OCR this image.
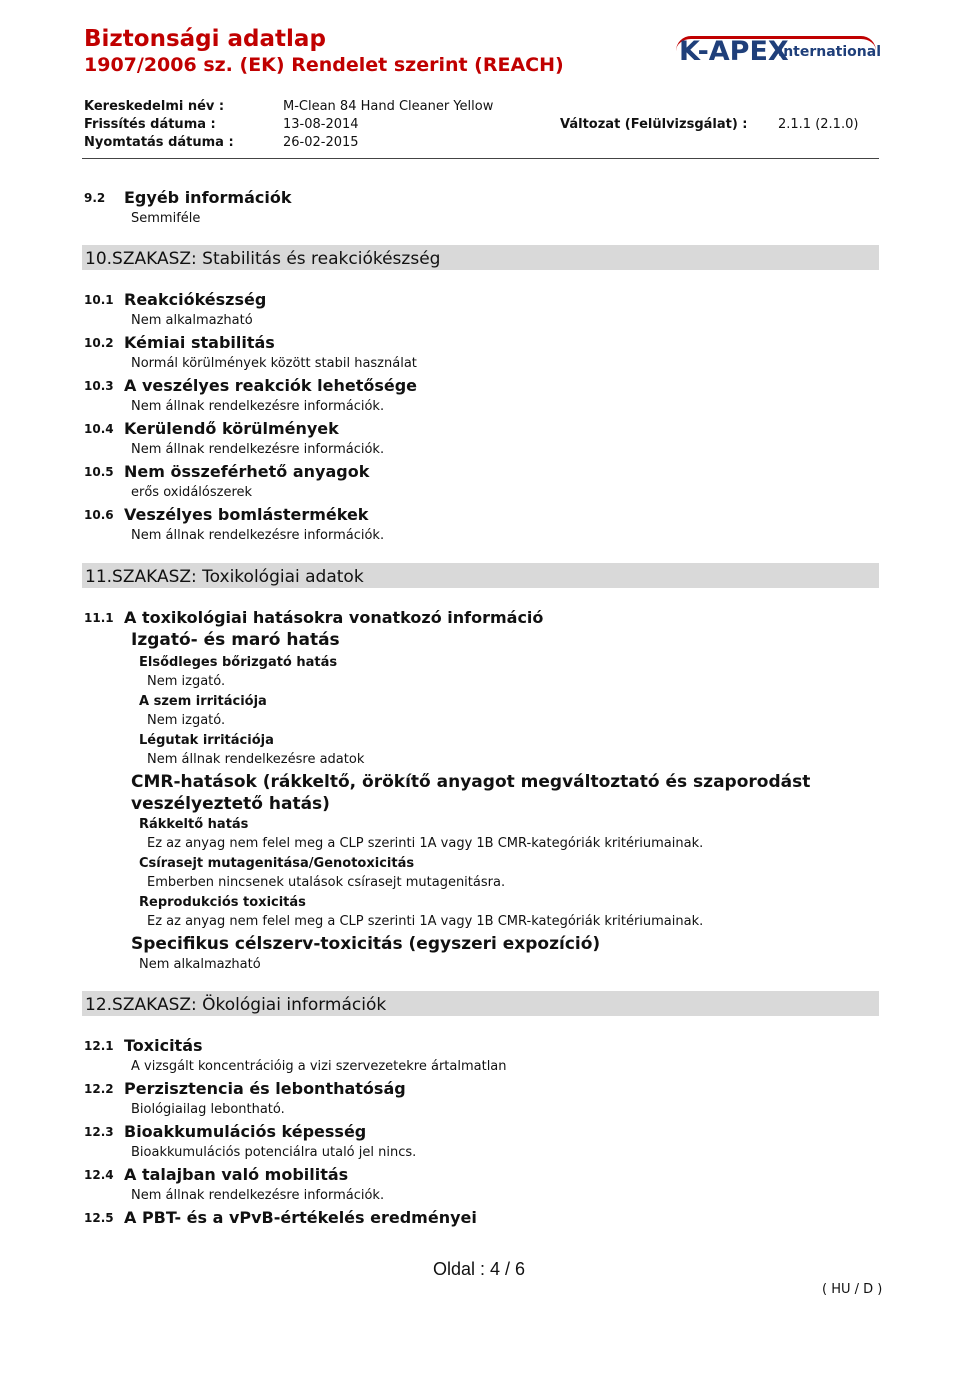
Biztonsági adatlap
1907/2006 sz. (EK) Rendelet szerint (REACH)	K-APEX
International
Kereskedelmi név :	M-Clean 84 Hand Cleaner Yellow
Frissítés dátuma :	13-08-2014	Változat (Felülvizsgálat) : 2.1.1 (2.1.0)
Nyomtatás dátuma :	26-02-2015
9.2 Egyéb információk
Semmiféle
10.SZAKASZ: Stabilitás és reakciókészség
10.1 Reakciókészség
Nem alkalmazható
10.2 Kémiai stabilitás
Normál körülmények között stabil használat
10.3 A veszélyes reakciók lehetősége
Nem állnak rendelkezésre információk.
10.4 Kerülendő körülmények
Nem állnak rendelkezésre információk.
10.5 Nem összeférhető anyagok
erős oxidálószerek
10.6 Veszélyes bomlástermékek
Nem állnak rendelkezésre információk.
11.SZAKASZ: Toxikológiai adatok
11.1 A toxikológiai hatásokra vonatkozó információ
Izgató- és maró hatás
Elsődleges bőrizgató hatás
Nem izgató.
A szem irritációja
Nem izgató.
Légutak irritációja
Nem állnak rendelkezésre adatok
CMR-hatások (rákkeltő, örökítő anyagot megváltoztató és szaporodást
veszélyeztető hatás)
Rákkeltő hatás
Ez az anyag nem felel meg a CLP szerinti 1A vagy 1B CMR-kategóriák kritériumainak.
Csírasejt mutagenitása/Genotoxicitás
Emberben nincsenek utalások csírasejt mutagenitásra.
Reprodukciós toxicitás
Ez az anyag nem felel meg a CLP szerinti 1A vagy 1B CMR-kategóriák kritériumainak.
Specifikus célszerv-toxicitás (egyszeri expozíció)
Nem alkalmazható
12.SZAKASZ: Ökológiai információk
12.1 Toxicitás
A vizsgált koncentrációig a vizi szervezetekre ártalmatlan
12.2 Perzisztencia és lebonthatóság
Biológiailag lebontható.
12.3 Bioakkumulációs képesség
Bioakkumulációs potenciálra utaló jel nincs.
12.4 A talajban való mobilitás
Nem állnak rendelkezésre információk.
12.5 A PBT- és a vPvB-értékelés eredményei
Oldal : 4 / 6
( HU / D )
